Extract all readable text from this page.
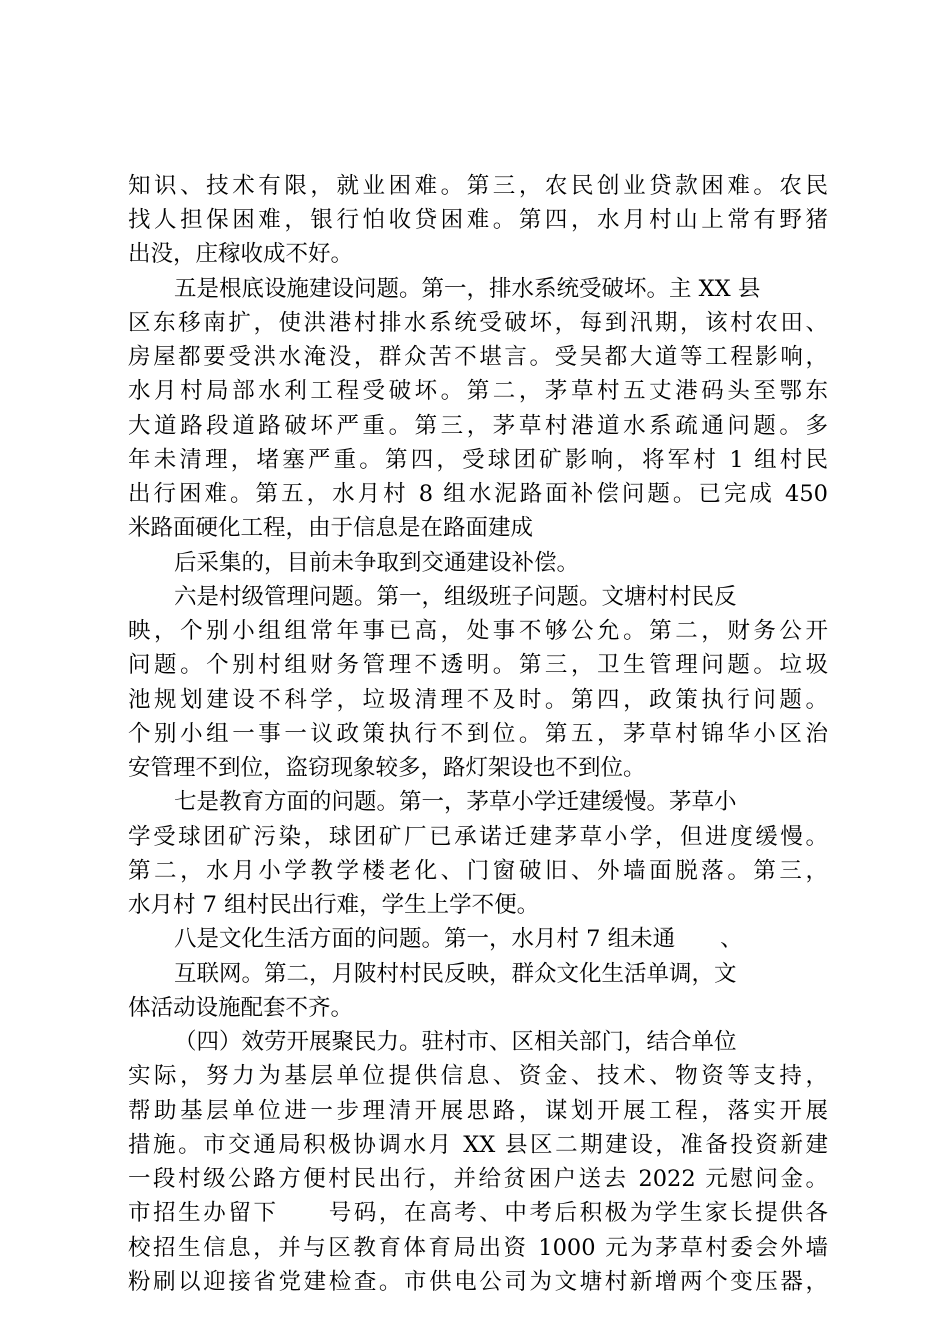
知识、技术有限，就业困难。第三，农民创业贷款困难。农民
找人担保困难，银行怕收贷困难。第四，水月村山上常有野猪
出没，庄稼收成不好。
五是根底设施建设问题。第一，排水系统受破坏。主 XX 县
区东移南扩，使洪港村排水系统受破坏，每到汛期，该村农田、
房屋都要受洪水淹没，群众苦不堪言。受吴都大道等工程影响，
水月村局部水利工程受破坏。第二，茅草村五丈港码头至鄂东
大道路段道路破坏严重。第三，茅草村港道水系疏通问题。多
年未清理，堵塞严重。第四，受球团矿影响，将军村 1 组村民
出行困难。第五，水月村 8 组水泥路面补偿问题。已完成 450
米路面硬化工程，由于信息是在路面建成
后采集的，目前未争取到交通建设补偿。
六是村级管理问题。第一，组级班子问题。文塘村村民反
映，个别小组组常年事已高，处事不够公允。第二，财务公开
问题。个别村组财务管理不透明。第三，卫生管理问题。垃圾
池规划建设不科学，垃圾清理不及时。第四，政策执行问题。
个别小组一事一议政策执行不到位。第五，茅草村锦华小区治
安管理不到位，盗窃现象较多，路灯架设也不到位。
七是教育方面的问题。第一，茅草小学迁建缓慢。茅草小
学受球团矿污染，球团矿厂已承诺迁建茅草小学，但进度缓慢。
第二，水月小学教学楼老化、门窗破旧、外墙面脱落。第三，
水月村 7 组村民出行难，学生上学不便。
八是文化生活方面的问题。第一，水月村 7 组未通　　、
互联网。第二，月陂村村民反映，群众文化生活单调，文
体活动设施配套不齐。
（四）效劳开展聚民力。驻村市、区相关部门，结合单位
实际，努力为基层单位提供信息、资金、技术、物资等支持，
帮助基层单位进一步理清开展思路，谋划开展工程，落实开展
措施。市交通局积极协调水月 XX 县区二期建设，准备投资新建
一段村级公路方便村民出行，并给贫困户送去 2022 元慰问金。
市招生办留下　　号码，在高考、中考后积极为学生家长提供各
校招生信息，并与区教育体育局出资 1000 元为茅草村委会外墙
粉刷以迎接省党建检查。市供电公司为文塘村新增两个变压器，
